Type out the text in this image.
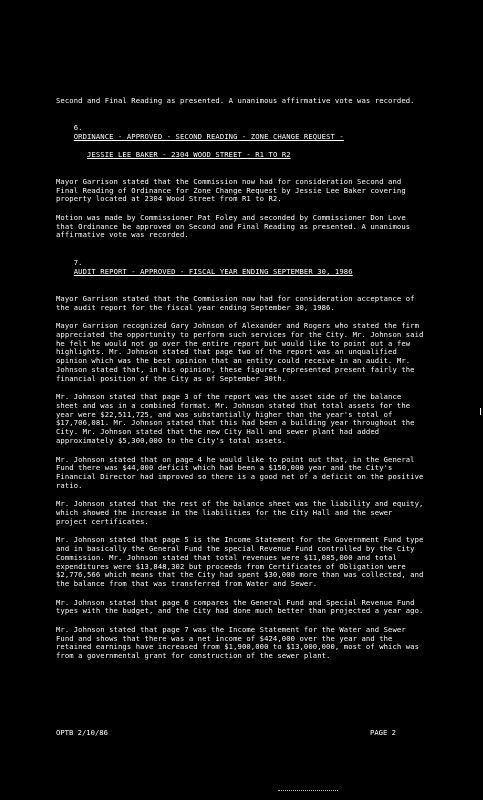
Second and Final Reading as presented. A unanimous affirmative vote was recorded.

6.
ORDINANCE - APPROVED - SECOND READING - ZONE CHANGE REQUEST -

JESSIE LEE BAKER - 2304 WOOD STREET - R1 TO R2

Mayor Garrison stated that the Commission now had for consideration Second and Final Reading of Ordinance for Zone Change Request by Jessie Lee Baker covering property located at 2304 Wood Street from R1 to R2.

Motion was made by Commissioner Pat Foley and seconded by Commissioner Don Love that Ordinance be approved on Second and Final Reading as presented. A unanimous affirmative vote was recorded.

7.
AUDIT REPORT - APPROVED - FISCAL YEAR ENDING SEPTEMBER 30, 1986

Mayor Garrison stated that the Commission now had for consideration acceptance of the audit report for the fiscal year ending September 30, 1986.

Mayor Garrison recognized Gary Johnson of Alexander and Rogers who stated the firm appreciated the opportunity to perform such services for the City. Mr. Johnson said he felt he would not go over the entire report but would like to point out a few highlights. Mr. Johnson stated that page two of the report was an unqualified opinion which was the best opinion that an entity could receive in an audit. Mr. Johnson stated that, in his opinion, these figures represented present fairly the financial position of the City as of September 30th.

Mr. Johnson stated that page 3 of the report was the asset side of the balance sheet and was in a combined format. Mr. Johnson stated that total assets for the year were $22,511,725, and was substantially higher than the year's total of $17,706,081. Mr. Johnson stated that this had been a building year throughout the City. Mr. Johnson stated that the new City Hall and sewer plant had added approximately $5,300,000 to the City's total assets.

Mr. Johnson stated that on page 4 he would like to point out that, in the General Fund there was $44,000 deficit which had been a $150,000 year and the City's Financial Director had improved so there is a good net of a deficit on the positive ratio.

Mr. Johnson stated that the rest of the balance sheet was the liability and equity, which showed the increase in the liabilities for the City Hall and the sewer project certificates.

Mr. Johnson stated that page 5 is the Income Statement for the Government Fund type and in basically the General Fund the special Revenue Fund controlled by the City Commission. Mr. Johnson stated that total revenues were $11,085,000 and total expenditures were $13,848,302 but proceeds from Certificates of Obligation were $2,776,566 which means that the City had spent $30,000 more than was collected, and the balance from that was transferred from Water and Sewer.

Mr. Johnson stated that page 6 compares the General Fund and Special Revenue Fund types with the budget, and the City had done much better than projected a year ago.

Mr. Johnson stated that page 7 was the Income Statement for the Water and Sewer Fund and shows that there was a net income of $424,000 over the year and the retained earnings have increased from $1,900,000 to $13,000,000, most of which was from a governmental grant for construction of the sewer plant.

OPTB 2/10/86	PAGE 2
